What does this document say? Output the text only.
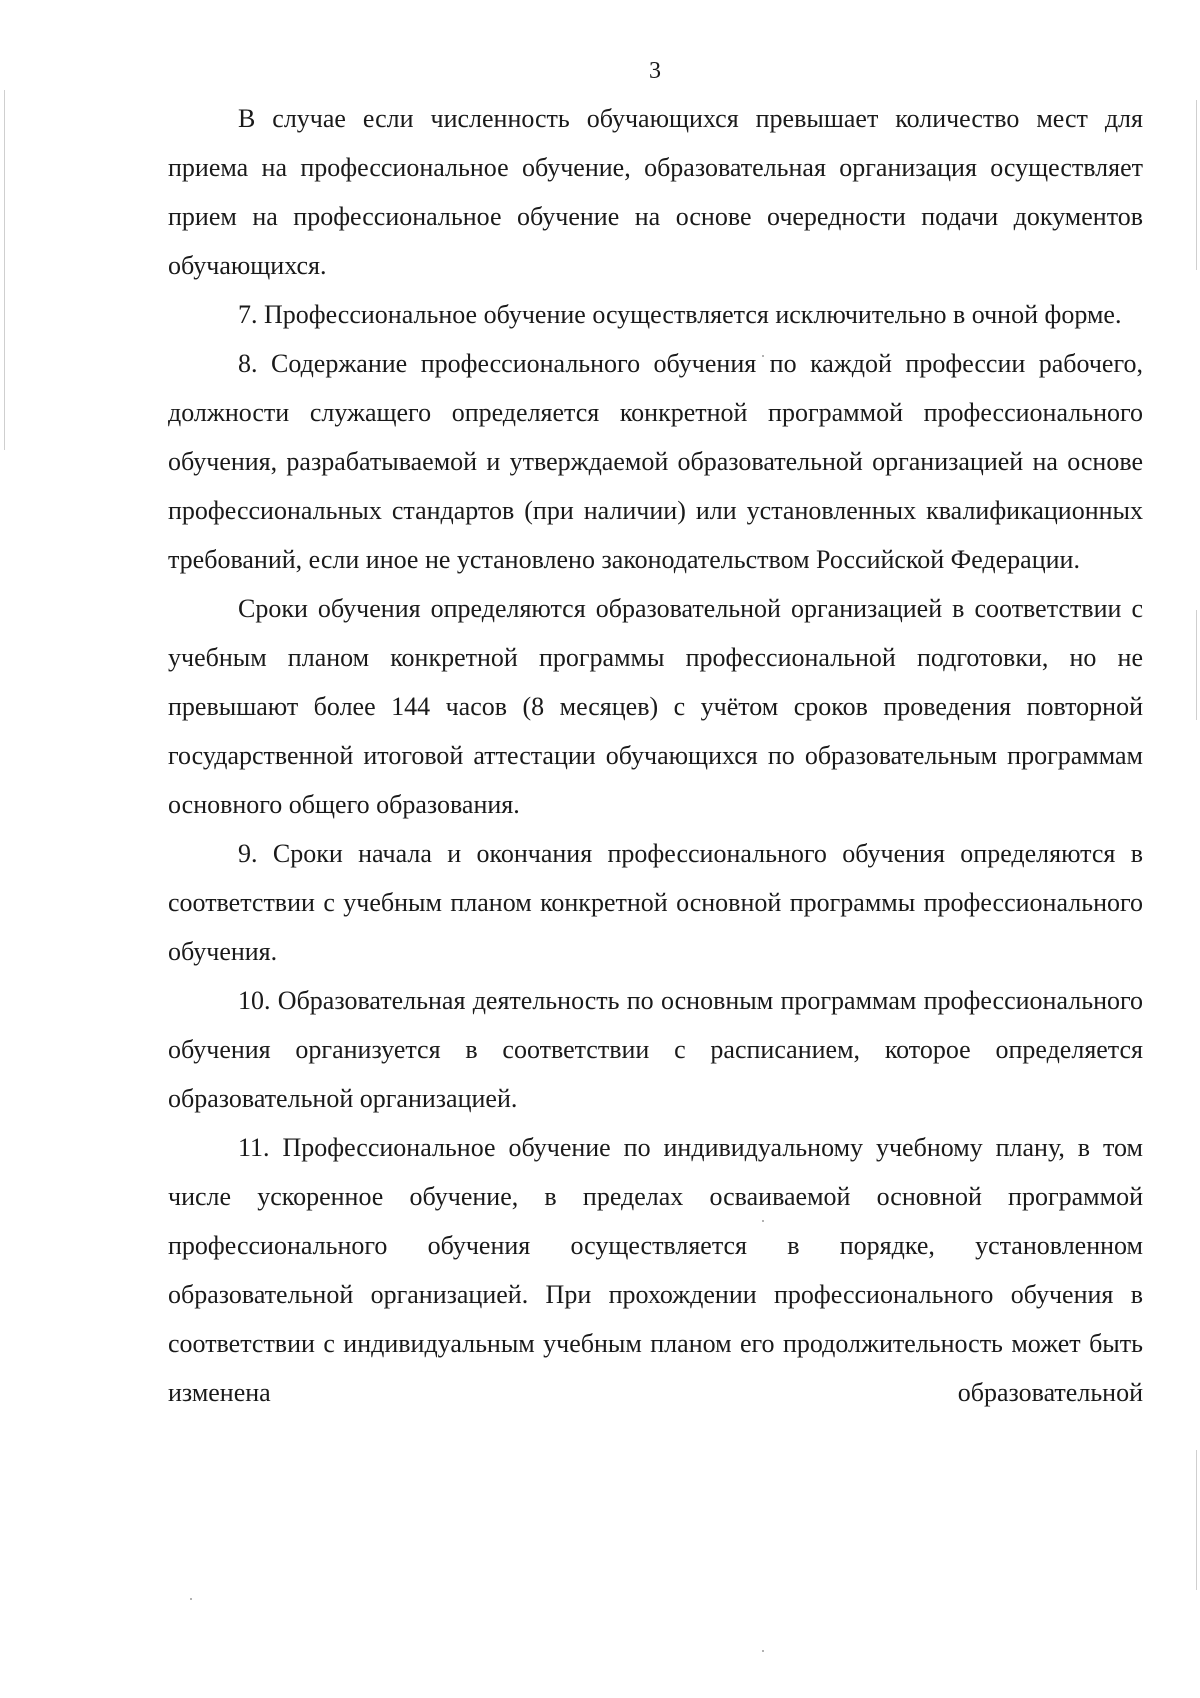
3

В случае если численность обучающихся превышает количество мест для приема на профессиональное обучение, образовательная организация осуществляет прием на профессиональное обучение на основе очередности подачи документов обучающихся.

7. Профессиональное обучение осуществляется исключительно в очной форме.

8. Содержание профессионального обучения по каждой профессии рабочего, должности служащего определяется конкретной программой профессионального обучения, разрабатываемой и утверждаемой образовательной организацией на основе профессиональных стандартов (при наличии) или установленных квалификационных требований, если иное не установлено законодательством Российской Федерации.

Сроки обучения определяются образовательной организацией в соответствии с учебным планом конкретной программы профессиональной подготовки, но не превышают более 144 часов (8 месяцев) с учётом сроков проведения повторной государственной итоговой аттестации обучающихся по образовательным программам основного общего образования.

9. Сроки начала и окончания профессионального обучения определяются в соответствии с учебным планом конкретной основной программы профессионального обучения.

10. Образовательная деятельность по основным программам профессионального обучения организуется в соответствии с расписанием, которое определяется образовательной организацией.

11. Профессиональное обучение по индивидуальному учебному плану, в том числе ускоренное обучение, в пределах осваиваемой основной программой профессионального обучения осуществляется в порядке, установленном образовательной организацией. При прохождении профессионального обучения в соответствии с индивидуальным учебным планом его продолжительность может быть изменена образовательной
